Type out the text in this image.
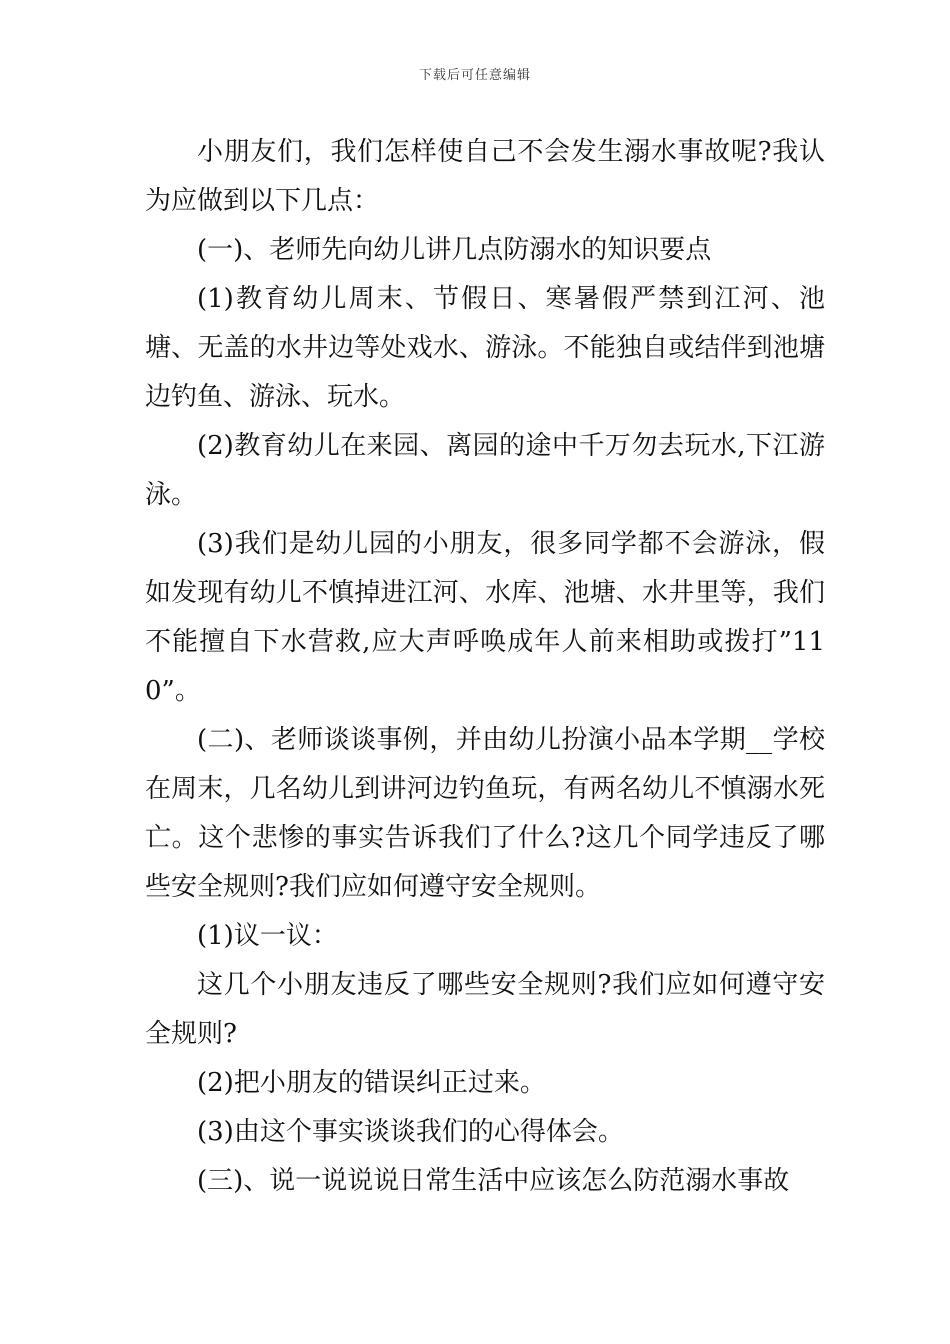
下载后可任意编辑

小朋友们，我们怎样使自己不会发生溺水事故呢?我认为应做到以下几点：

(一)、老师先向幼儿讲几点防溺水的知识要点

(1)教育幼儿周末、节假日、寒暑假严禁到江河、池塘、无盖的水井边等处戏水、游泳。不能独自或结伴到池塘边钓鱼、游泳、玩水。

(2)教育幼儿在来园、离园的途中千万勿去玩水,下江游泳。

(3)我们是幼儿园的小朋友，很多同学都不会游泳，假如发现有幼儿不慎掉进江河、水库、池塘、水井里等，我们不能擅自下水营救,应大声呼唤成年人前来相助或拨打”110”。

(二)、老师谈谈事例，并由幼儿扮演小品本学期__学校在周末，几名幼儿到讲河边钓鱼玩，有两名幼儿不慎溺水死亡。这个悲惨的事实告诉我们了什么?这几个同学违反了哪些安全规则?我们应如何遵守安全规则。

(1)议一议：

这几个小朋友违反了哪些安全规则?我们应如何遵守安全规则?

(2)把小朋友的错误纠正过来。

(3)由这个事实谈谈我们的心得体会。

(三)、说一说说说日常生活中应该怎么防范溺水事故
